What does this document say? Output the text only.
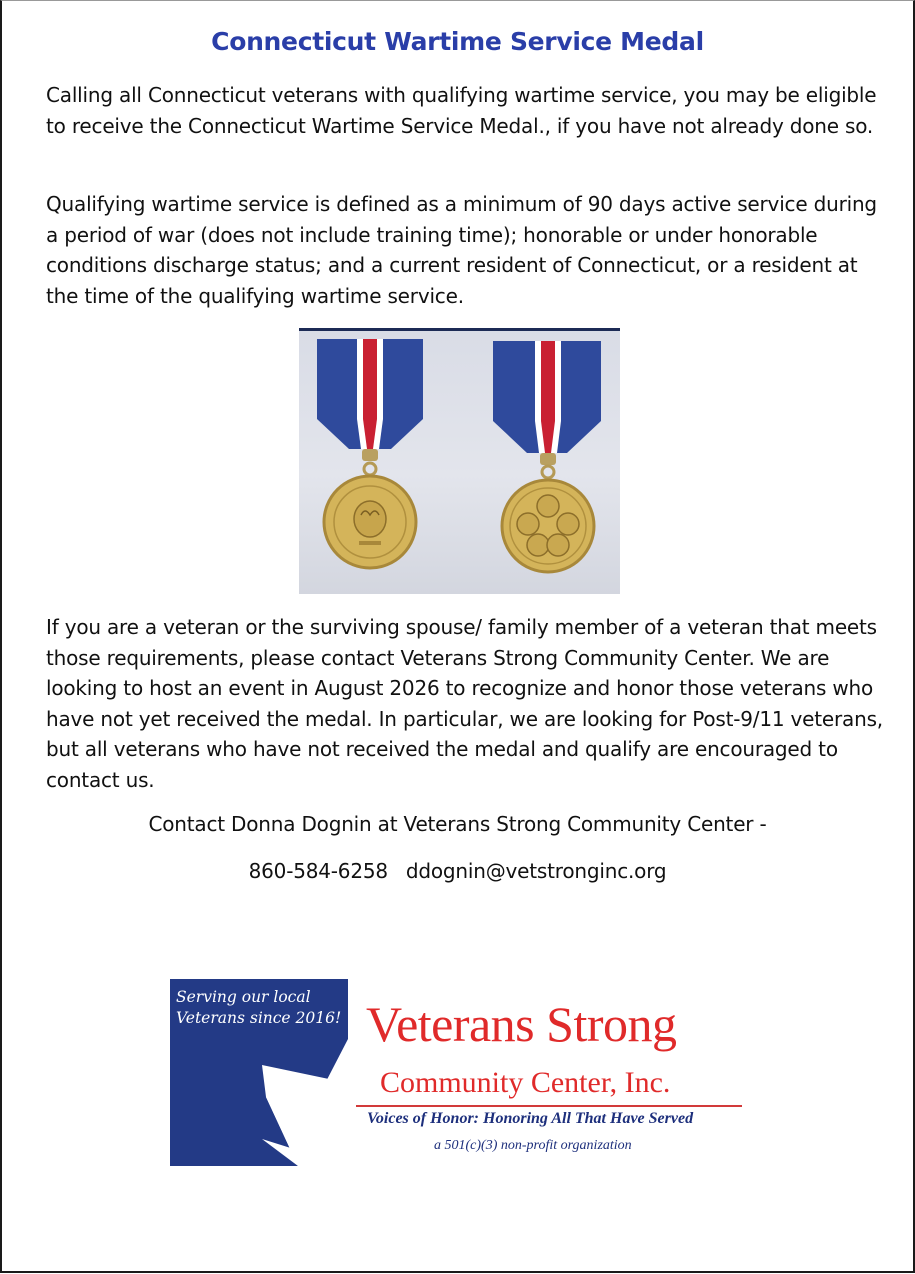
Connecticut Wartime Service Medal

Calling all Connecticut veterans with qualifying wartime service, you may be eligible to receive the Connecticut Wartime Service Medal., if you have not already done so.

Qualifying wartime service is defined as a minimum of 90 days active service during a period of war (does not include training time); honorable or under honorable conditions discharge status; and a current resident of Connecticut, or a resident at the time of the qualifying wartime service.

If you are a veteran or the surviving spouse/ family member of a veteran that meets those requirements, please contact Veterans Strong Community Center. We are looking to host an event in August 2026 to recognize and honor those veterans who have not yet received the medal. In particular, we are looking for Post-9/11 veterans, but all veterans who have not received the medal and qualify are encouraged to contact us.

Contact Donna Dognin at Veterans Strong Community Center -
860-584-6258 ddognin@vetstronginc.org
Serving our local
Veterans since 2016! Veterans Strong
Community Center, Inc.
Voices of Honor: Honoring All That Have Served
a 501(c)(3) non-profit organization
